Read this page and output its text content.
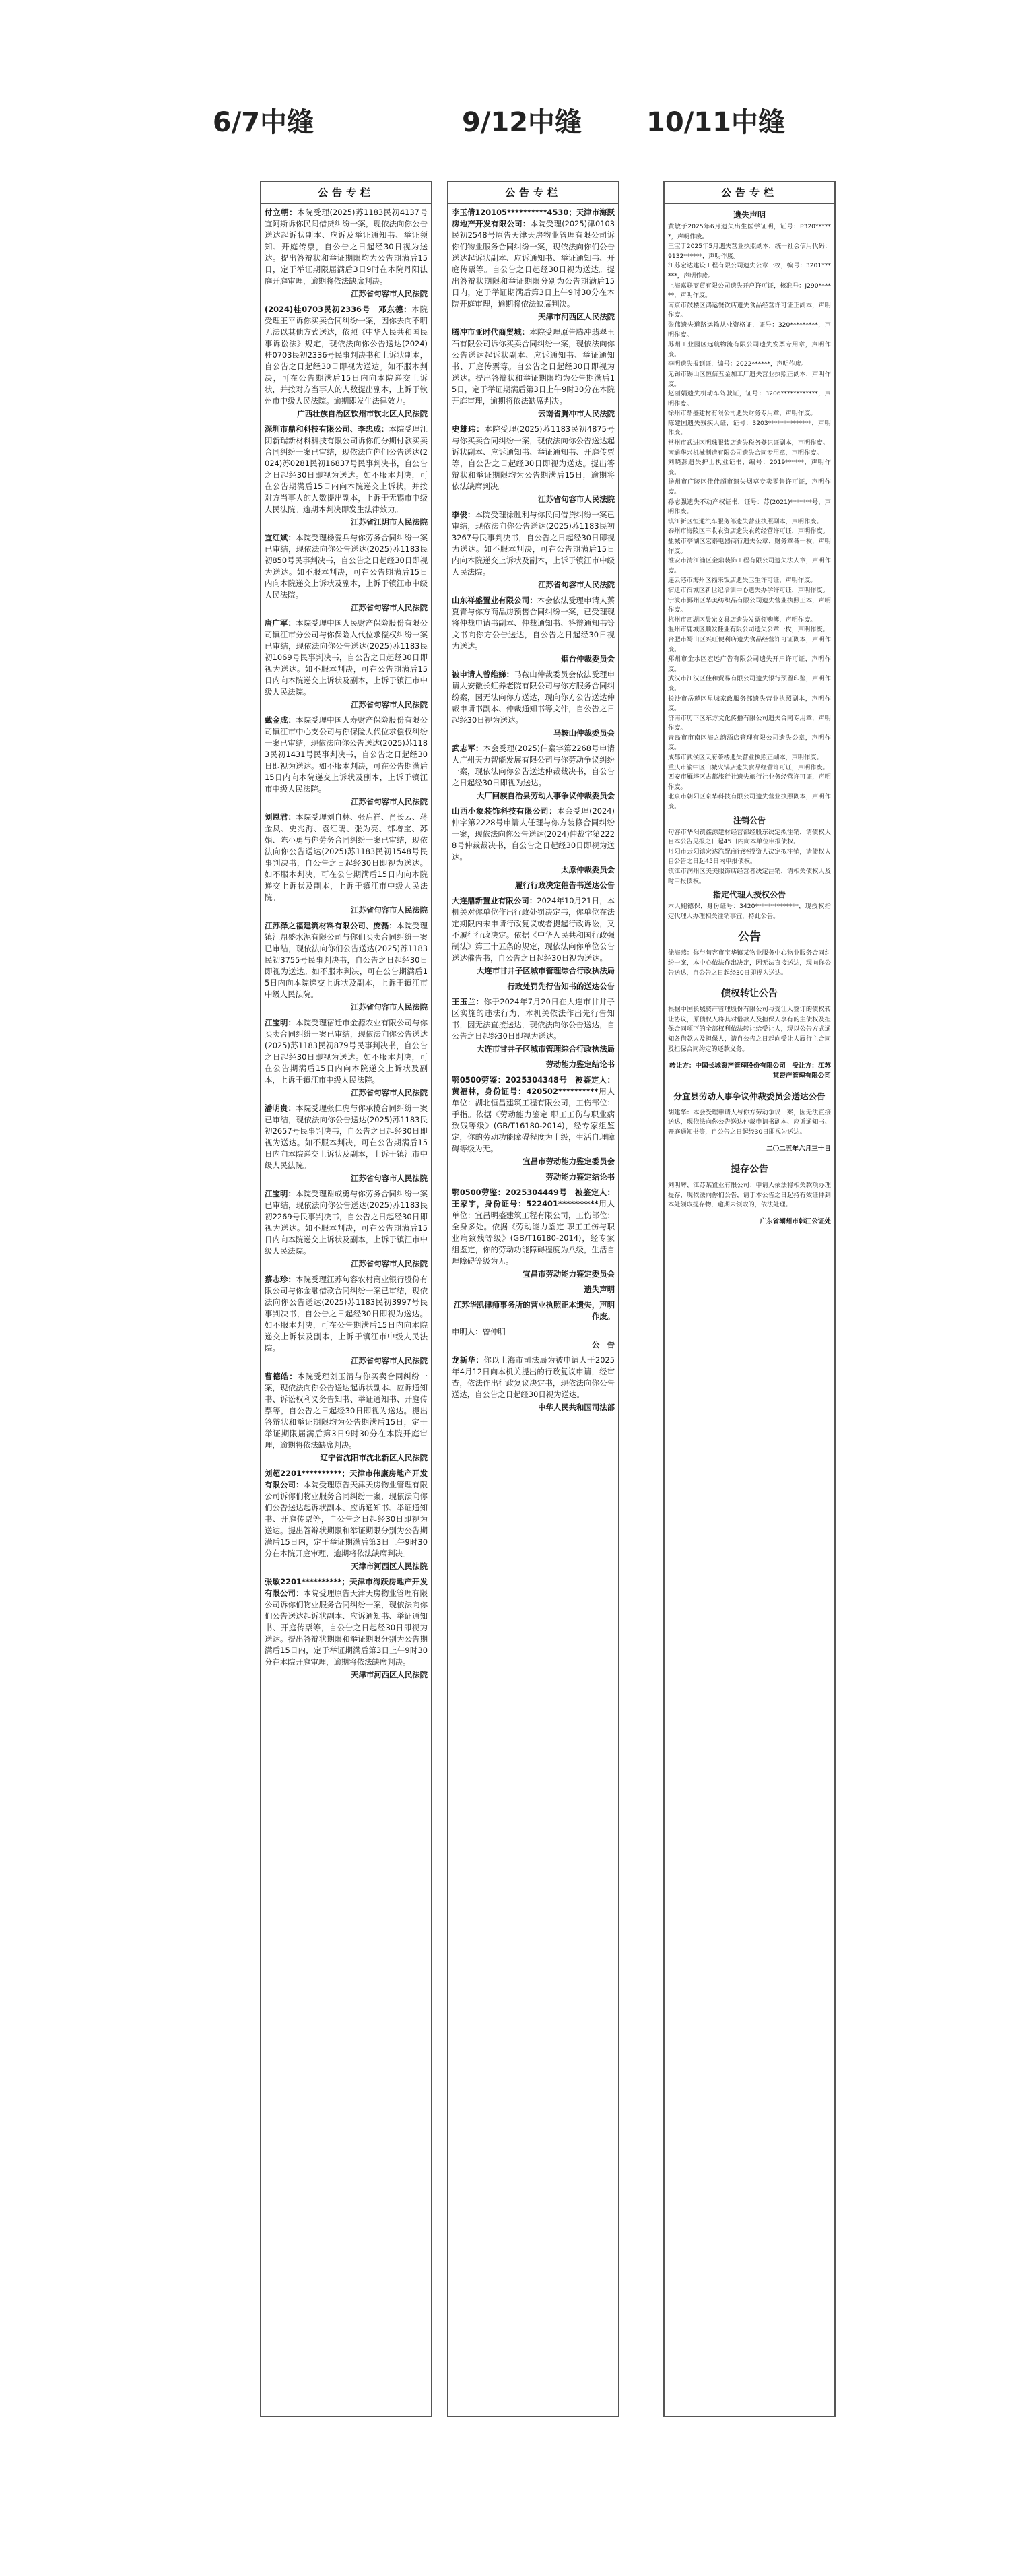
6/7中缝	9/12中缝	10/11中缝
公告专栏

付立朝：本院受理(2025)苏1183民初4137号宜阿斯诉你民间借贷纠纷一案，现依法向你公告送达起诉状副本、应诉及举证通知书、举证须知、开庭传票，自公告之日起经30日视为送达。提出答辩状和举证期限均为公告期满后15日，定于举证期限届满后3日9时在本院丹阳法庭开庭审理，逾期将依法缺席判决。

江苏省句容市人民法院

(2024)桂0703民初2336号　邓东德：本院受理王平诉你买卖合同纠纷一案，因你去向不明无法以其他方式送达，依照《中华人民共和国民事诉讼法》规定，现依法向你公告送达(2024)桂0703民初2336号民事判决书和上诉状副本，自公告之日起经30日即视为送达。如不服本判决，可在公告期满后15日内向本院递交上诉状，并按对方当事人的人数提出副本，上诉于钦州市中级人民法院。逾期即发生法律效力。

广西壮族自治区钦州市钦北区人民法院

深圳市鼎和科技有限公司、李忠成：本院受理江阴新瑞新材料科技有限公司诉你们分期付款买卖合同纠纷一案已审结，现依法向你们公告送达(2024)苏0281民初16837号民事判决书，自公告之日起经30日即视为送达。如不服本判决，可在公告期满后15日内向本院递交上诉状，并按对方当事人的人数提出副本，上诉于无锡市中级人民法院。逾期本判决即发生法律效力。

江苏省江阴市人民法院

宜红斌：本院受理杨爱兵与你劳务合同纠纷一案已审结，现依法向你公告送达(2025)苏1183民初850号民事判决书，自公告之日起经30日即视为送达。如不服本判决，可在公告期满后15日内向本院递交上诉状及副本，上诉于镇江市中级人民法院。

江苏省句容市人民法院

唐广军：本院受理中国人民财产保险股份有限公司镇江市分公司与你保险人代位求偿权纠纷一案已审结，现依法向你公告送达(2025)苏1183民初1069号民事判决书，自公告之日起经30日即视为送达。如不服本判决，可在公告期满后15日内向本院递交上诉状及副本，上诉于镇江市中级人民法院。

江苏省句容市人民法院

戴金成：本院受理中国人寿财产保险股份有限公司镇江市中心支公司与你保险人代位求偿权纠纷一案已审结，现依法向你公告送达(2025)苏1183民初1431号民事判决书，自公告之日起经30日即视为送达。如不服本判决，可在公告期满后15日内向本院递交上诉状及副本，上诉于镇江市中级人民法院。

江苏省句容市人民法院

刘恩君：本院受理刘自林、张启祥、肖长云、蒋金凤、史兆海、袁红鹃、张为亮、郁增宝、苏娟、陈小勇与你劳务合同纠纷一案已审结，现依法向你公告送达(2025)苏1183民初1548号民事判决书，自公告之日起经30日即视为送达。如不服本判决，可在公告期满后15日内向本院递交上诉状及副本，上诉于镇江市中级人民法院。

江苏省句容市人民法院

江苏泽之福建筑材料有限公司、庞磊：本院受理镇江鼎盛水泥有限公司与你们买卖合同纠纷一案已审结，现依法向你们公告送达(2025)苏1183民初3755号民事判决书，自公告之日起经30日即视为送达。如不服本判决，可在公告期满后15日内向本院递交上诉状及副本，上诉于镇江市中级人民法院。

江苏省句容市人民法院

江宝明：本院受理宿迁市金源农业有限公司与你买卖合同纠纷一案已审结，现依法向你公告送达(2025)苏1183民初879号民事判决书，自公告之日起经30日即视为送达。如不服本判决，可在公告期满后15日内向本院递交上诉状及副本，上诉于镇江市中级人民法院。

江苏省句容市人民法院

潘明贵：本院受理张仁虎与你承揽合同纠纷一案已审结，现依法向你公告送达(2025)苏1183民初2657号民事判决书，自公告之日起经30日即视为送达。如不服本判决，可在公告期满后15日内向本院递交上诉状及副本，上诉于镇江市中级人民法院。

江苏省句容市人民法院

江宝明：本院受理谢成勇与你劳务合同纠纷一案已审结，现依法向你公告送达(2025)苏1183民初2269号民事判决书，自公告之日起经30日即视为送达。如不服本判决，可在公告期满后15日内向本院递交上诉状及副本，上诉于镇江市中级人民法院。

江苏省句容市人民法院

蔡志珍：本院受理江苏句容农村商业银行股份有限公司与你金融借款合同纠纷一案已审结，现依法向你公告送达(2025)苏1183民初3997号民事判决书，自公告之日起经30日即视为送达。如不服本判决，可在公告期满后15日内向本院递交上诉状及副本，上诉于镇江市中级人民法院。

江苏省句容市人民法院

曹德皓：本院受理刘玉清与你买卖合同纠纷一案，现依法向你公告送达起诉状副本、应诉通知书、诉讼权利义务告知书、举证通知书、开庭传票等，自公告之日起经30日即视为送达。提出答辩状和举证期限均为公告期满后15日，定于举证期限届满后第3日9时30分在本院开庭审理，逾期将依法缺席判决。

辽宁省沈阳市沈北新区人民法院

刘超2201**********；天津市伟康房地产开发有限公司：本院受理原告天津天房物业管理有限公司诉你们物业服务合同纠纷一案，现依法向你们公告送达起诉状副本、应诉通知书、举证通知书、开庭传票等，自公告之日起经30日即视为送达。提出答辩状期限和举证期限分别为公告期满后15日内，定于举证期满后第3日上午9时30分在本院开庭审理，逾期将依法缺席判决。

天津市河西区人民法院

张敏2201**********；天津市海跃房地产开发有限公司：本院受理原告天津天房物业管理有限公司诉你们物业服务合同纠纷一案，现依法向你们公告送达起诉状副本、应诉通知书、举证通知书、开庭传票等，自公告之日起经30日即视为送达。提出答辩状期限和举证期限分别为公告期满后15日内，定于举证期满后第3日上午9时30分在本院开庭审理，逾期将依法缺席判决。

天津市河西区人民法院
公告专栏

李玉倩120105**********4530；天津市海跃房地产开发有限公司：本院受理(2025)津0103民初2548号原告天津天房物业管理有限公司诉你们物业服务合同纠纷一案，现依法向你们公告送达起诉状副本、应诉通知书、举证通知书、开庭传票等。自公告之日起经30日视为送达。提出答辩状期限和举证期限分别为公告期满后15日内，定于举证期满后第3日上午9时30分在本院开庭审理，逾期将依法缺席判决。

天津市河西区人民法院

腾冲市亚时代商贸城：本院受理原告腾冲翡翠玉石有限公司诉你买卖合同纠纷一案，现依法向你公告送达起诉状副本、应诉通知书、举证通知书、开庭传票等。自公告之日起经30日即视为送达。提出答辩状和举证期限均为公告期满后15日，定于举证期满后第3日上午9时30分在本院开庭审理，逾期将依法缺席判决。

云南省腾冲市人民法院

史雄玮：本院受理(2025)苏1183民初4875号与你买卖合同纠纷一案，现依法向你公告送达起诉状副本、应诉通知书、举证通知书、开庭传票等，自公告之日起经30日即视为送达。提出答辩状和举证期限均为公告期满后15日，逾期将依法缺席判决。

江苏省句容市人民法院

李俊：本院受理徐胜利与你民间借贷纠纷一案已审结，现依法向你公告送达(2025)苏1183民初3267号民事判决书，自公告之日起经30日即视为送达。如不服本判决，可在公告期满后15日内向本院递交上诉状及副本，上诉于镇江市中级人民法院。

江苏省句容市人民法院

山东祥盛置业有限公司：本会依法受理申请人蔡夏青与你方商品房预售合同纠纷一案，已受理现将仲裁申请书副本、仲裁通知书、答辩通知书等文书向你方公告送达，自公告之日起经30日视为送达。

烟台仲裁委员会

被申请人曾维娣：马鞍山仲裁委员会依法受理申请人安徽长虹养老院有限公司与你方服务合同纠纷案，因无法向你方送达，现向你方公告送达仲裁申请书副本、仲裁通知书等文件，自公告之日起经30日视为送达。

马鞍山仲裁委员会

武志军：本会受理(2025)仲案字第2268号申请人广州天力智能发展有限公司与你劳动争议纠纷一案，现依法向你公告送达仲裁裁决书，自公告之日起经30日即视为送达。

大厂回族自治县劳动人事争议仲裁委员会

山西小象装饰科技有限公司：本会受理(2024)仲字第2228号申请人任理与你方装修合同纠纷一案，现依法向你公告送达(2024)仲裁字第2228号仲裁裁决书，自公告之日起经30日即视为送达。

太原仲裁委员会
履行行政决定催告书送达公告

大连鼎新置业有限公司：2024年10月21日，本机关对你单位作出行政处罚决定书，你单位在法定期限内未申请行政复议或者提起行政诉讼，又不履行行政决定。依据《中华人民共和国行政强制法》第三十五条的规定，现依法向你单位公告送达催告书，自公告之日起经30日视为送达。

大连市甘井子区城市管理综合行政执法局
行政处罚先行告知书的送达公告

王玉兰：你于2024年7月20日在大连市甘井子区实施的违法行为，本机关依法作出先行告知书，因无法直接送达，现依法向你公告送达，自公告之日起经30日即视为送达。

大连市甘井子区城市管理综合行政执法局
劳动能力鉴定结论书

鄂0500劳鉴：2025304348号　被鉴定人：黄福林，身份证号：420502**********用人单位：湖北恒昌建筑工程有限公司，工伤部位：手指。依据《劳动能力鉴定 职工工伤与职业病致残等级》(GB/T16180-2014)，经专家组鉴定，你的劳动功能障碍程度为十级，生活自理障碍等级为无。

宜昌市劳动能力鉴定委员会
劳动能力鉴定结论书

鄂0500劳鉴：2025304449号　被鉴定人：王家宇，身份证号：522401**********用人单位：宜昌明盛建筑工程有限公司，工伤部位：全身多处。依据《劳动能力鉴定 职工工伤与职业病致残等级》(GB/T16180-2014)，经专家组鉴定，你的劳动功能障碍程度为八级，生活自理障碍等级为无。

宜昌市劳动能力鉴定委员会
遗失声明
江苏华凯律师事务所的营业执照正本遗失，声明作废。

申明人：曾仲明

公　告

龙新华：你以上海市司法局为被申请人于2025年4月12日向本机关提出的行政复议申请，经审查，依法作出行政复议决定书，现依法向你公告送达，自公告之日起经30日视为送达。

中华人民共和国司法部
公告专栏
遗失声明

黄敏于2025年6月遗失出生医学证明，证号：P320******，声明作废。

王宝于2025年5月遗失营业执照副本，统一社会信用代码：9132******，声明作废。

江苏宏达建设工程有限公司遗失公章一枚，编号：3201******，声明作废。

上海嘉联商贸有限公司遗失开户许可证，核准号：J290******，声明作废。

南京市鼓楼区鸿运餐饮店遗失食品经营许可证正副本，声明作废。

张伟遗失道路运输从业资格证，证号：320*********，声明作废。

苏州工业园区远航物流有限公司遗失发票专用章，声明作废。

李明遗失报到证，编号：2022******，声明作废。

无锡市锡山区恒信五金加工厂遗失营业执照正副本，声明作废。

赵丽娟遗失机动车驾驶证，证号：3206************，声明作废。

徐州市鼎盛建材有限公司遗失财务专用章，声明作废。

陈建国遗失残疾人证，证号：3203**************，声明作废。

常州市武进区明珠服装店遗失税务登记证副本，声明作废。

南通华兴机械制造有限公司遗失合同专用章，声明作废。

刘晓燕遗失护士执业证书，编号：2019******，声明作废。

扬州市广陵区佳佳超市遗失烟草专卖零售许可证，声明作废。

孙志强遗失不动产权证书，证号：苏(2021)*******号，声明作废。

镇江新区恒通汽车服务部遗失营业执照副本，声明作废。

泰州市海陵区丰收农资店遗失农药经营许可证，声明作废。

盐城市亭湖区宏泰电器商行遗失公章、财务章各一枚，声明作废。

淮安市清江浦区金鼎装饰工程有限公司遗失法人章，声明作废。

连云港市海州区福来饭店遗失卫生许可证，声明作废。

宿迁市宿城区新世纪培训中心遗失办学许可证，声明作废。

宁波市鄞州区华美纺织品有限公司遗失营业执照正本，声明作废。

杭州市西湖区晨光文具店遗失发票领购簿，声明作废。

温州市鹿城区顺发鞋业有限公司遗失公章一枚，声明作废。

合肥市蜀山区兴旺便利店遗失食品经营许可证副本，声明作废。

郑州市金水区宏远广告有限公司遗失开户许可证，声明作废。

武汉市江汉区佳和贸易有限公司遗失银行预留印鉴，声明作废。

长沙市岳麓区星城家政服务部遗失营业执照副本，声明作废。

济南市历下区东方文化传播有限公司遗失合同专用章，声明作废。

青岛市市南区海之韵酒店管理有限公司遗失公章，声明作废。

成都市武侯区天府茶楼遗失营业执照正副本，声明作废。

重庆市渝中区山城火锅店遗失食品经营许可证，声明作废。

西安市雁塔区古都旅行社遗失旅行社业务经营许可证，声明作废。

北京市朝阳区京华科技有限公司遗失营业执照副本，声明作废。

注销公告

句容市华阳镇鑫源建材经营部经股东决定拟注销，请债权人自本公告见报之日起45日内向本单位申报债权。

丹阳市云阳镇宏达汽配商行经投资人决定拟注销，请债权人自公告之日起45日内申报债权。

镇江市润州区美美服饰店经营者决定注销，请相关债权人及时申报债权。

指定代理人授权公告

本人鲍德保，身份证号：3420**************，现授权指定代理人办理相关注销事宜，特此公告。

公告

徐海燕：你与句容市宝华镇某物业服务中心物业服务合同纠纷一案，本中心依法作出决定，因无法直接送达，现向你公告送达，自公告之日起经30日即视为送达。

债权转让公告

根据中国长城资产管理股份有限公司与受让人签订的债权转让协议，原债权人将其对借款人及担保人享有的主债权及担保合同项下的全部权利依法转让给受让人，现以公告方式通知各借款人及担保人，请自公告之日起向受让人履行主合同及担保合同约定的还款义务。

转让方：中国长城资产管理股份有限公司　受让方：江苏某资产管理有限公司

分宜县劳动人事争议仲裁委员会送达公告

胡建华：本会受理申请人与你方劳动争议一案，因无法直接送达，现依法向你公告送达仲裁申请书副本、应诉通知书、开庭通知书等，自公告之日起经30日即视为送达。

二〇二五年六月三十日

提存公告

刘明辉、江苏某置业有限公司：申请人依法将相关款项办理提存，现依法向你们公告，请于本公告之日起持有效证件到本处领取提存物，逾期未领取的，依法处理。

广东省潮州市韩江公证处
